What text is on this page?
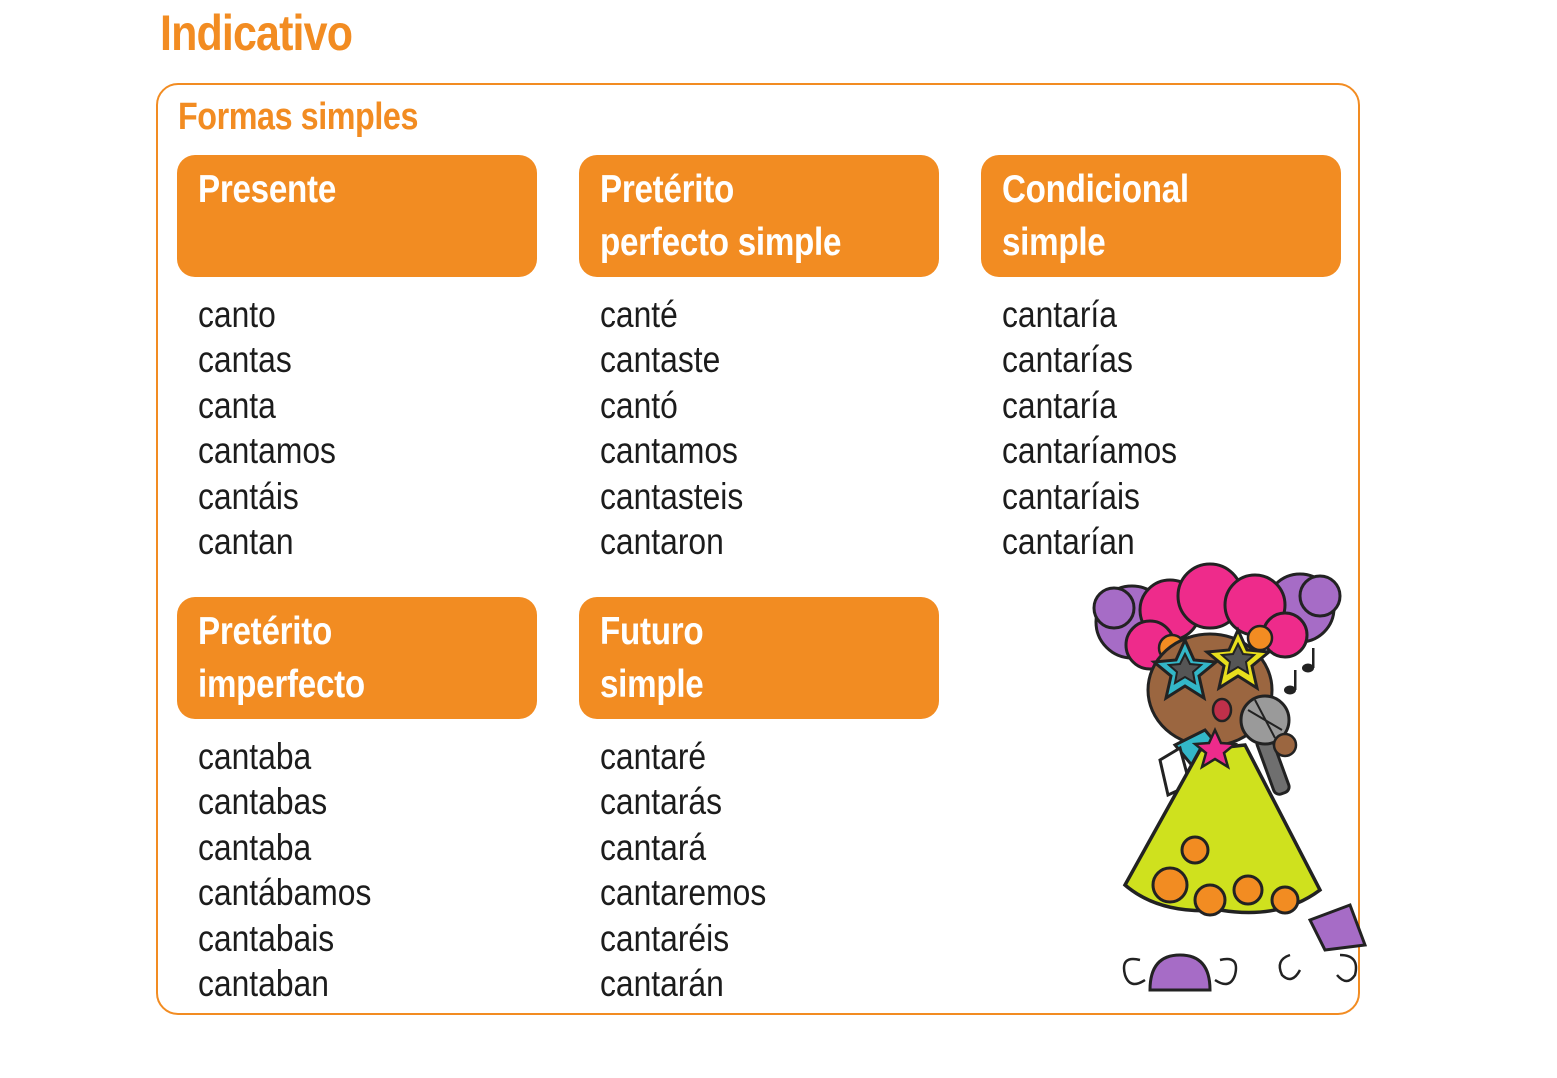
Indicativo
Formas simples
Presente
canto
cantas
canta
cantamos
cantáis
cantan
Pretérito
perfecto simple
canté
cantaste
cantó
cantamos
cantasteis
cantaron
Condicional
simple
cantaría
cantarías
cantaría
cantaríamos
cantaríais
cantarían
Pretérito
imperfecto
cantaba
cantabas
cantaba
cantábamos
cantabais
cantaban
Futuro
simple
cantaré
cantarás
cantará
cantaremos
cantaréis
cantarán
